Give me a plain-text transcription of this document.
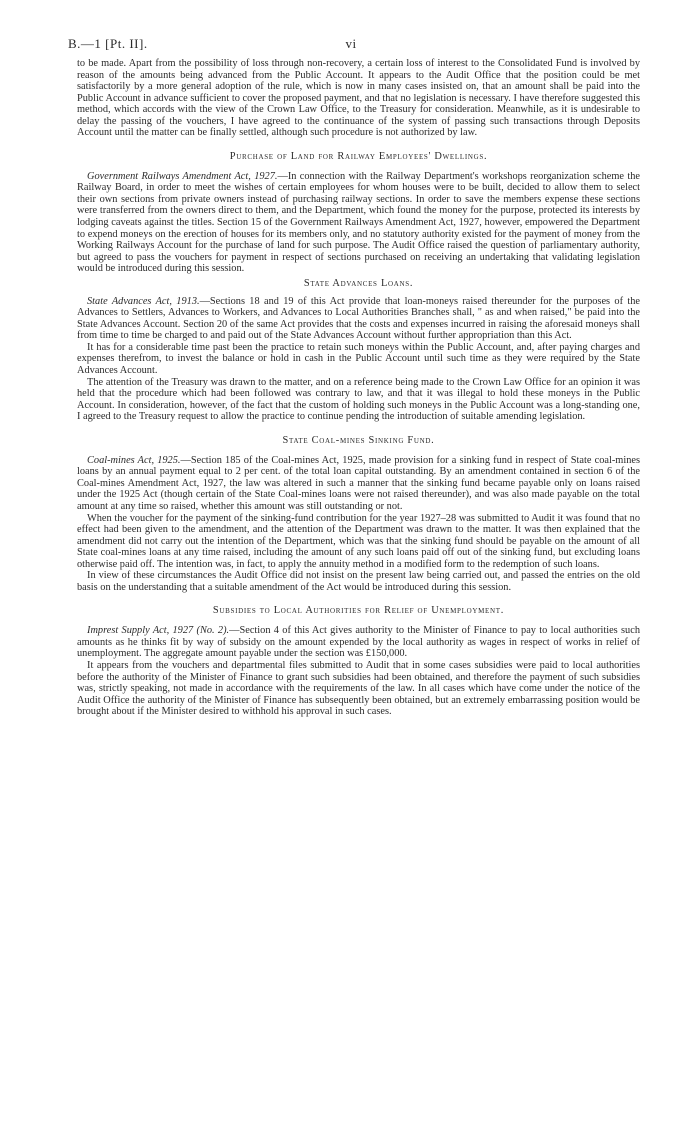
B.—1 [Pt. II].	vi

to be made. Apart from the possibility of loss through non-recovery, a certain loss of interest to the Consolidated Fund is involved by reason of the amounts being advanced from the Public Account. It appears to the Audit Office that the position could be met satisfactorily by a more general adoption of the rule, which is now in many cases insisted on, that an amount shall be paid into the Public Account in advance sufficient to cover the proposed payment, and that no legislation is necessary. I have therefore suggested this method, which accords with the view of the Crown Law Office, to the Treasury for consideration. Meanwhile, as it is undesirable to delay the passing of the vouchers, I have agreed to the continuance of the system of passing such transactions through Deposits Account until the matter can be finally settled, although such procedure is not authorized by law.

Purchase of Land for Railway Employees' Dwellings.

Government Railways Amendment Act, 1927.—In connection with the Railway Department's workshops reorganization scheme the Railway Board, in order to meet the wishes of certain employees for whom houses were to be built, decided to allow them to select their own sections from private owners instead of purchasing railway sections. In order to save the members expense these sections were transferred from the owners direct to them, and the Department, which found the money for the purpose, protected its interests by lodging caveats against the titles. Section 15 of the Government Railways Amendment Act, 1927, however, empowered the Department to expend moneys on the erection of houses for its members only, and no statutory authority existed for the payment of money from the Working Railways Account for the purchase of land for such purpose. The Audit Office raised the question of parliamentary authority, but agreed to pass the vouchers for payment in respect of sections purchased on receiving an undertaking that validating legislation would be introduced during this session.

State Advances Loans.

State Advances Act, 1913.—Sections 18 and 19 of this Act provide that loan-moneys raised thereunder for the purposes of the Advances to Settlers, Advances to Workers, and Advances to Local Authorities Branches shall, " as and when raised," be paid into the State Advances Account. Section 20 of the same Act provides that the costs and expenses incurred in raising the aforesaid moneys shall from time to time be charged to and paid out of the State Advances Account without further appropriation than this Act.

It has for a considerable time past been the practice to retain such moneys within the Public Account, and, after paying charges and expenses therefrom, to invest the balance or hold in cash in the Public Account until such time as they were required by the State Advances Account.

The attention of the Treasury was drawn to the matter, and on a reference being made to the Crown Law Office for an opinion it was held that the procedure which had been followed was contrary to law, and that it was illegal to hold these moneys in the Public Account. In consideration, however, of the fact that the custom of holding such moneys in the Public Account was a long-standing one, I agreed to the Treasury request to allow the practice to continue pending the introduction of suitable amending legislation.

State Coal-mines Sinking Fund.

Coal-mines Act, 1925.—Section 185 of the Coal-mines Act, 1925, made provision for a sinking fund in respect of State coal-mines loans by an annual payment equal to 2 per cent. of the total loan capital outstanding. By an amendment contained in section 6 of the Coal-mines Amendment Act, 1927, the law was altered in such a manner that the sinking fund became payable only on loans raised under the 1925 Act (though certain of the State Coal-mines loans were not raised thereunder), and was also made payable on the total amount at any time so raised, whether this amount was still outstanding or not.

When the voucher for the payment of the sinking-fund contribution for the year 1927–28 was submitted to Audit it was found that no effect had been given to the amendment, and the attention of the Department was drawn to the matter. It was then explained that the amendment did not carry out the intention of the Department, which was that the sinking fund should be payable on the amount of all State coal-mines loans at any time raised, including the amount of any such loans paid off out of the sinking fund, but excluding loans otherwise paid off. The intention was, in fact, to apply the annuity method in a modified form to the redemption of such loans.

In view of these circumstances the Audit Office did not insist on the present law being carried out, and passed the entries on the old basis on the understanding that a suitable amendment of the Act would be introduced during this session.

Subsidies to Local Authorities for Relief of Unemployment.

Imprest Supply Act, 1927 (No. 2).—Section 4 of this Act gives authority to the Minister of Finance to pay to local authorities such amounts as he thinks fit by way of subsidy on the amount expended by the local authority as wages in respect of works in relief of unemployment. The aggregate amount payable under the section was £150,000.

It appears from the vouchers and departmental files submitted to Audit that in some cases subsidies were paid to local authorities before the authority of the Minister of Finance to grant such subsidies had been obtained, and therefore the payment of such subsidies was, strictly speaking, not made in accordance with the requirements of the law. In all cases which have come under the notice of the Audit Office the authority of the Minister of Finance has subsequently been obtained, but an extremely embarrassing position would be brought about if the Minister desired to withhold his approval in such cases.
